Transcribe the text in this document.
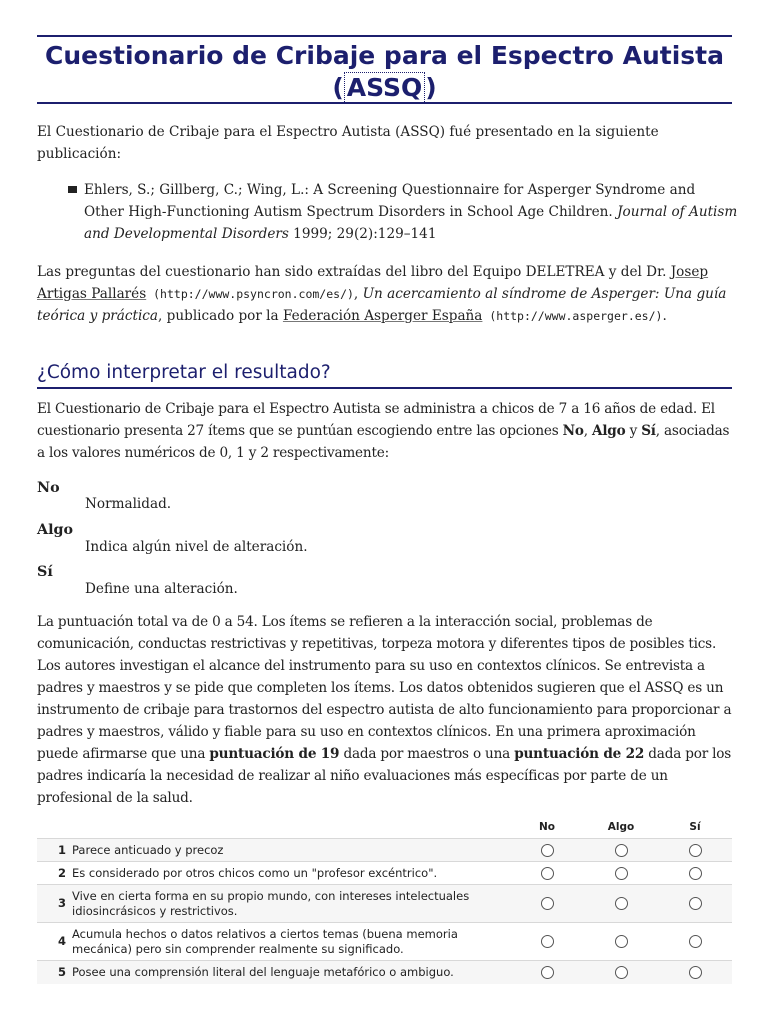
Cuestionario de Cribaje para el Espectro Autista
( ASSQ )
El Cuestionario de Cribaje para el Espectro Autista (ASSQ) fué presentado en la siguiente publicación:
Ehlers, S.; Gillberg, C.; Wing, L.: A Screening Questionnaire for Asperger Syndrome and Other High-Functioning Autism Spectrum Disorders in School Age Children. Journal of Autism and Developmental Disorders 1999; 29(2):129–141
Las preguntas del cuestionario han sido extraídas del libro del Equipo DELETREA y del Dr. Josep Artigas Pallarés (http://www.psyncron.com/es/), Un acercamiento al síndrome de Asperger: Una guía teórica y práctica, publicado por la Federación Asperger España (http://www.asperger.es/).
¿Cómo interpretar el resultado?
El Cuestionario de Cribaje para el Espectro Autista se administra a chicos de 7 a 16 años de edad. El cuestionario presenta 27 ítems que se puntúan escogiendo entre las opciones No, Algo y Sí, asociadas a los valores numéricos de 0, 1 y 2 respectivamente:
No
Normalidad.
Algo
Indica algún nivel de alteración.
Sí
Define una alteración.
La puntuación total va de 0 a 54. Los ítems se refieren a la interacción social, problemas de comunicación, conductas restrictivas y repetitivas, torpeza motora y diferentes tipos de posibles tics. Los autores investigan el alcance del instrumento para su uso en contextos clínicos. Se entrevista a padres y maestros y se pide que completen los ítems. Los datos obtenidos sugieren que el ASSQ es un instrumento de cribaje para trastornos del espectro autista de alto funcionamiento para proporcionar a padres y maestros, válido y fiable para su uso en contextos clínicos. En una primera aproximación puede afirmarse que una puntuación de 19 dada por maestros o una puntuación de 22 dada por los padres indicaría la necesidad de realizar al niño evaluaciones más específicas por parte de un profesional de la salud.
		No	Algo	Sí
1	Parece anticuado y precoz			
2	Es considerado por otros chicos como un "profesor excéntrico".			
3	Vive en cierta forma en su propio mundo, con intereses intelectuales idiosincrásicos y restrictivos.			
4	Acumula hechos o datos relativos a ciertos temas (buena memoria mecánica) pero sin comprender realmente su significado.			
5	Posee una comprensión literal del lenguaje metafórico o ambiguo.			
